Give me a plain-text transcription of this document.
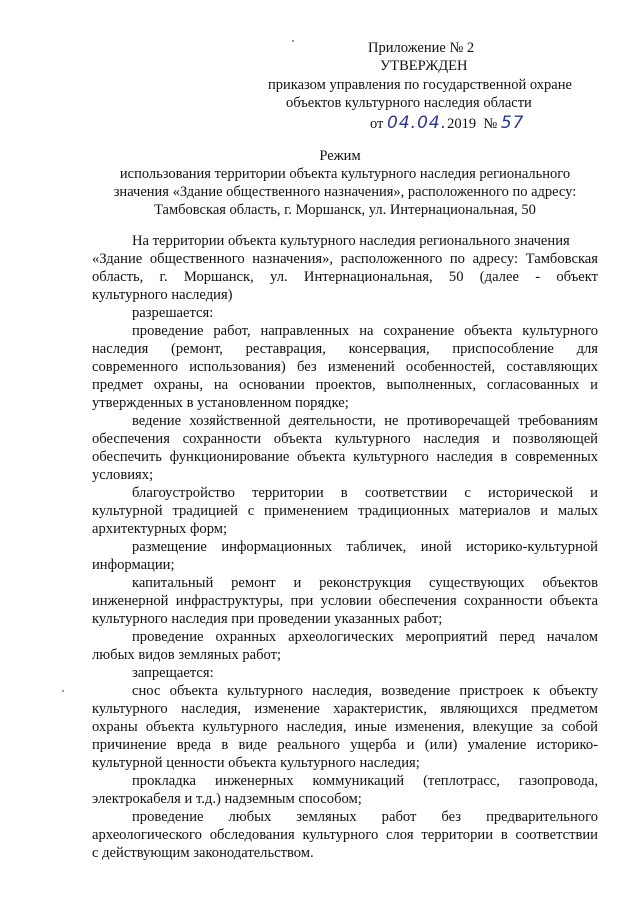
Приложение № 2
УТВЕРЖДЕН
приказом управления по государственной охране
объектов культурного наследия области
от 04.04.2019 № 57
Режим
использования территории объекта культурного наследия регионального
значения «Здание общественного назначения», расположенного по адресу:
Тамбовская область, г. Моршанск, ул. Интернациональная, 50
На территории объекта культурного наследия регионального значения
«Здание общественного назначения», расположенного по адресу: Тамбовская
область, г. Моршанск, ул. Интернациональная, 50 (далее - объект
культурного наследия)
разрешается:
проведение работ, направленных на сохранение объекта культурного
наследия (ремонт, реставрация, консервация, приспособление для
современного использования) без изменений особенностей, составляющих
предмет охраны, на основании проектов, выполненных, согласованных и
утвержденных в установленном порядке;
ведение хозяйственной деятельности, не противоречащей требованиям
обеспечения сохранности объекта культурного наследия и позволяющей
обеспечить функционирование объекта культурного наследия в современных
условиях;
благоустройство территории в соответствии с исторической и
культурной традицией с применением традиционных материалов и малых
архитектурных форм;
размещение информационных табличек, иной историко-культурной
информации;
капитальный ремонт и реконструкция существующих объектов
инженерной инфраструктуры, при условии обеспечения сохранности объекта
культурного наследия при проведении указанных работ;
проведение охранных археологических мероприятий перед началом
любых видов земляных работ;
запрещается:
снос объекта культурного наследия, возведение пристроек к объекту
культурного наследия, изменение характеристик, являющихся предметом
охраны объекта культурного наследия, иные изменения, влекущие за собой
причинение вреда в виде реального ущерба и (или) умаление историко-
культурной ценности объекта культурного наследия;
прокладка инженерных коммуникаций (теплотрасс, газопровода,
электрокабеля и т.д.) надземным способом;
проведение любых земляных работ без предварительного
археологического обследования культурного слоя территории в соответствии
с действующим законодательством.
